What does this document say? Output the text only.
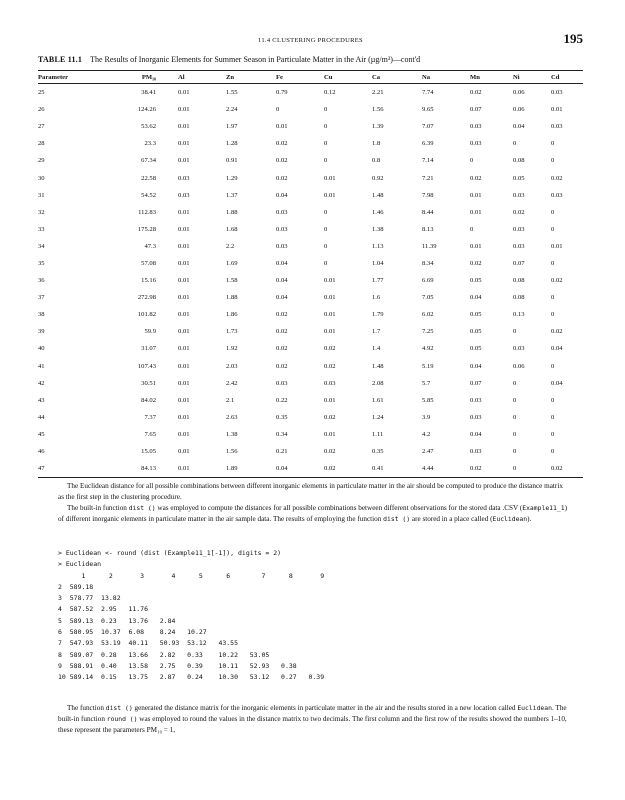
11.4 CLUSTERING PROCEDURES	195
TABLE 11.1 The Results of Inorganic Elements for Summer Season in Particulate Matter in the Air (µg/m³)—cont'd
Parameter	PM₁₀	Al	Zn	Fe	Cu	Ca	Na	Mn	Ni	Cd
25	38.41	0.01	1.55	0.79	0.12	2.21	7.74	0.02	0.06	0.03
26	124.26	0.01	2.24	0	0	1.56	9.65	0.07	0.06	0.01
27	53.62	0.01	1.97	0.01	0	1.39	7.07	0.03	0.04	0.03
28	23.3	0.01	1.28	0.02	0	1.8	6.39	0.03	0	0
29	67.34	0.01	0.91	0.02	0	0.8	7.14	0	0.08	0
30	22.58	0.03	1.29	0.02	0.01	0.92	7.21	0.02	0.05	0.02
31	54.52	0.03	1.37	0.04	0.01	1.48	7.98	0.01	0.03	0.03
32	112.83	0.01	1.88	0.03	0	1.46	8.44	0.01	0.02	0
33	175.28	0.01	1.68	0.03	0	1.38	8.13	0	0.03	0
34	47.3	0.01	2.2	0.03	0	1.13	11.39	0.01	0.03	0.01
35	57.08	0.01	1.69	0.04	0	1.04	8.34	0.02	0.07	0
36	15.16	0.01	1.58	0.04	0.01	1.77	6.69	0.05	0.08	0.02
37	272.98	0.01	1.88	0.04	0.01	1.6	7.05	0.04	0.08	0
38	101.82	0.01	1.86	0.02	0.01	1.79	6.02	0.05	0.13	0
39	59.9	0.01	1.73	0.02	0.01	1.7	7.25	0.05	0	0.02
40	31.07	0.01	1.92	0.02	0.02	1.4	4.92	0.05	0.03	0.04
41	107.43	0.01	2.03	0.02	0.02	1.48	5.19	0.04	0.06	0
42	30.51	0.01	2.42	0.03	0.03	2.08	5.7	0.07	0	0.04
43	84.02	0.01	2.1	0.22	0.01	1.61	5.85	0.03	0	0
44	7.37	0.01	2.63	0.35	0.02	1.24	3.9	0.03	0	0
45	7.65	0.01	1.38	0.34	0.01	1.11	4.2	0.04	0	0
46	15.05	0.01	1.56	0.21	0.02	0.35	2.47	0.03	0	0
47	84.13	0.01	1.89	0.04	0.02	0.41	4.44	0.02	0	0.02

The Euclidean distance for all possible combinations between different inorganic elements in particulate matter in the air should be computed to produce the distance matrix as the first step in the clustering procedure.

The built-in function dist () was employed to compute the distances for all possible combinations between different observations for the stored data .CSV (Example11_1) of different inorganic elements in particulate matter in the air sample data. The results of employing the function dist () are stored in a place called (Euclidean).

> Euclidean <- round (dist (Example11_1[-1]), digits = 2)
> Euclidean
1      2       3       4      5      6        7      8       9
2  589.18
3  578.77  13.82
4  587.52  2.95   11.76
5  589.13  0.23   13.76   2.84
6  580.95  10.37  6.08    8.24   10.27
7  547.93  53.19  40.11   50.93  53.12   43.55
8  589.07  0.28   13.66   2.82   0.33    10.22   53.05
9  588.91  0.40   13.58   2.75   0.39    10.11   52.93   0.38
10 589.14  0.15   13.75   2.87   0.24    10.30   53.12   0.27   0.39

The function dist () generated the distance matrix for the inorganic elements in particulate matter in the air and the results stored in a new location called Euclidean. The built-in function round () was employed to round the values in the distance matrix to two decimals. The first column and the first row of the results showed the numbers 1–10, these represent the parameters PM₁₀ = 1,
